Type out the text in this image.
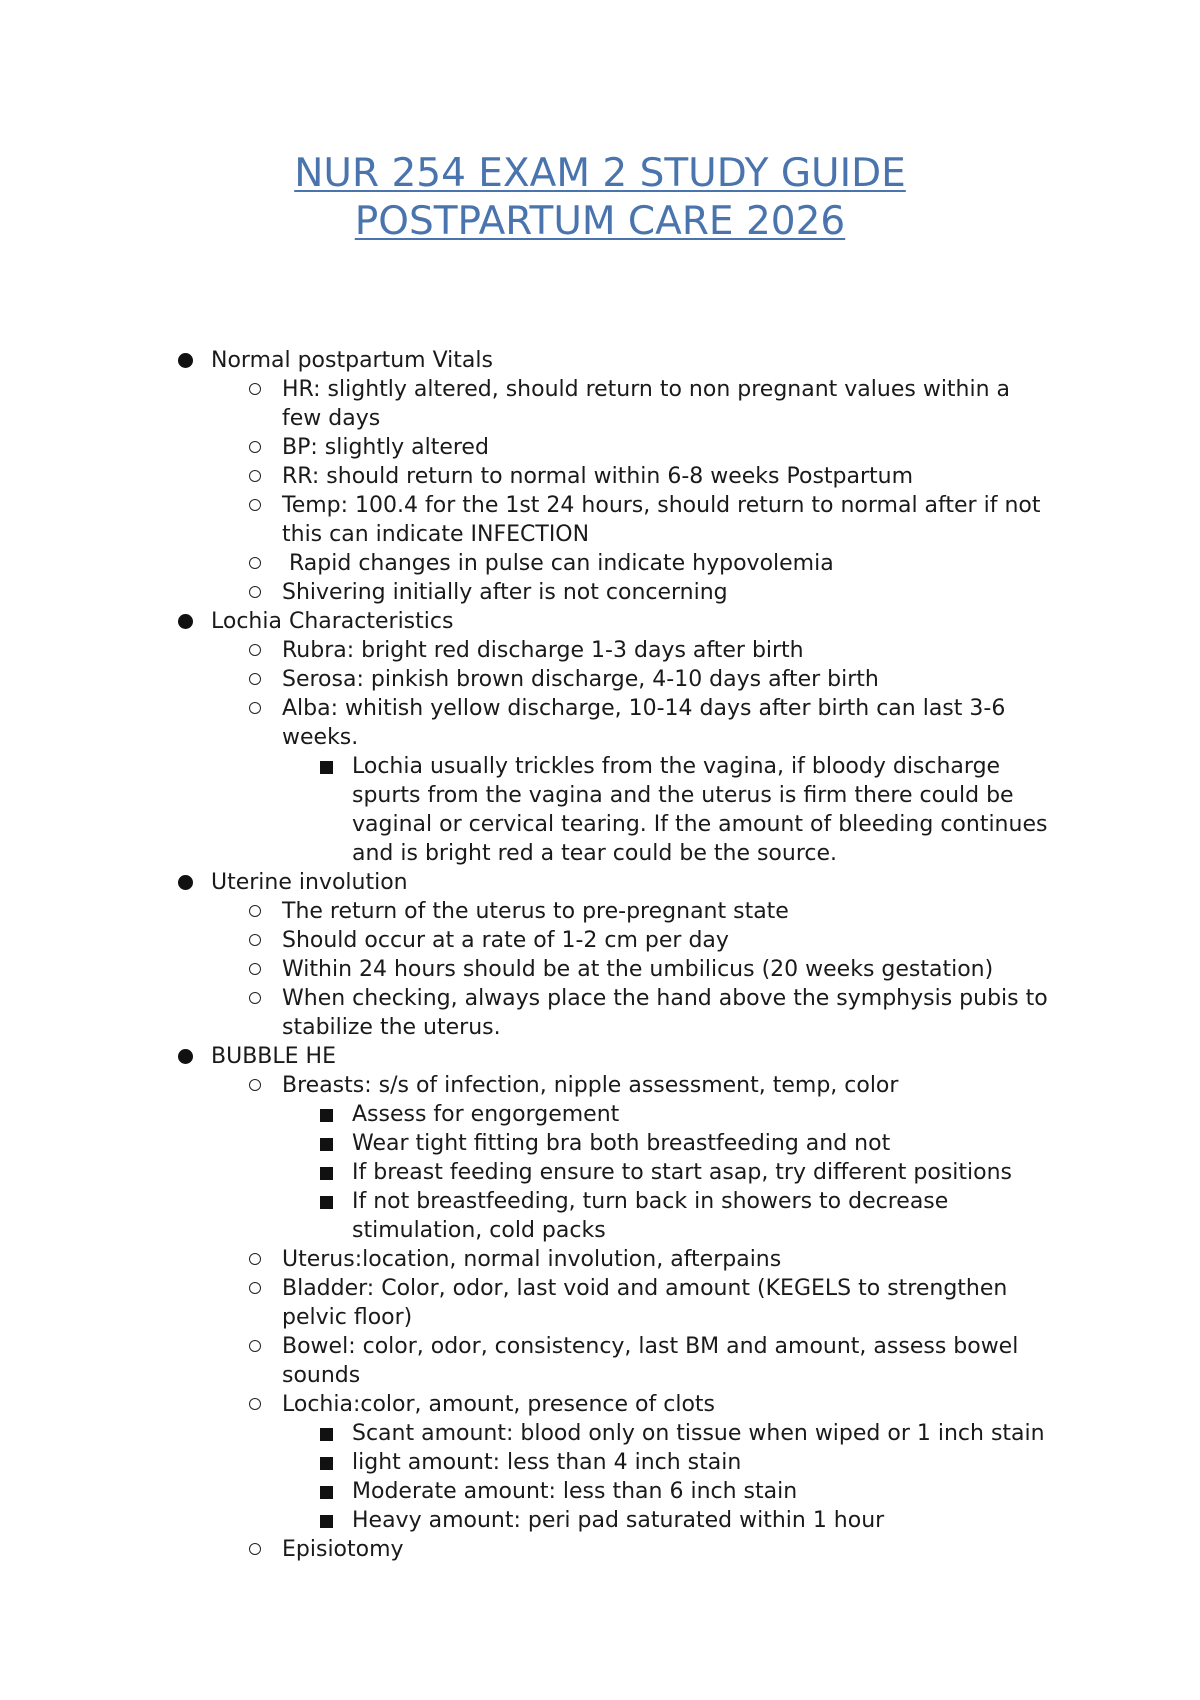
NUR 254 EXAM 2 STUDY GUIDE
POSTPARTUM CARE 2026
Normal postpartum Vitals
HR: slightly altered, should return to non pregnant values within a few days
BP: slightly altered
RR: should return to normal within 6-8 weeks Postpartum
Temp: 100.4 for the 1st 24 hours, should return to normal after if not this can indicate INFECTION
Rapid changes in pulse can indicate hypovolemia
Shivering initially after is not concerning
Lochia Characteristics
Rubra: bright red discharge 1-3 days after birth
Serosa: pinkish brown discharge, 4-10 days after birth
Alba: whitish yellow discharge, 10-14 days after birth can last 3-6 weeks.
Lochia usually trickles from the vagina, if bloody discharge spurts from the vagina and the uterus is firm there could be vaginal or cervical tearing. If the amount of bleeding continues and is bright red a tear could be the source.
Uterine involution
The return of the uterus to pre-pregnant state
Should occur at a rate of 1-2 cm per day
Within 24 hours should be at the umbilicus (20 weeks gestation)
When checking, always place the hand above the symphysis pubis to stabilize the uterus.
BUBBLE HE
Breasts: s/s of infection, nipple assessment, temp, color
Assess for engorgement
Wear tight fitting bra both breastfeeding and not
If breast feeding ensure to start asap, try different positions
If not breastfeeding, turn back in showers to decrease stimulation, cold packs
Uterus:location, normal involution, afterpains
Bladder: Color, odor, last void and amount (KEGELS to strengthen pelvic floor)
Bowel: color, odor, consistency, last BM and amount, assess bowel sounds
Lochia:color, amount, presence of clots
Scant amount: blood only on tissue when wiped or 1 inch stain
light amount: less than 4 inch stain
Moderate amount: less than 6 inch stain
Heavy amount: peri pad saturated within 1 hour
Episiotomy
